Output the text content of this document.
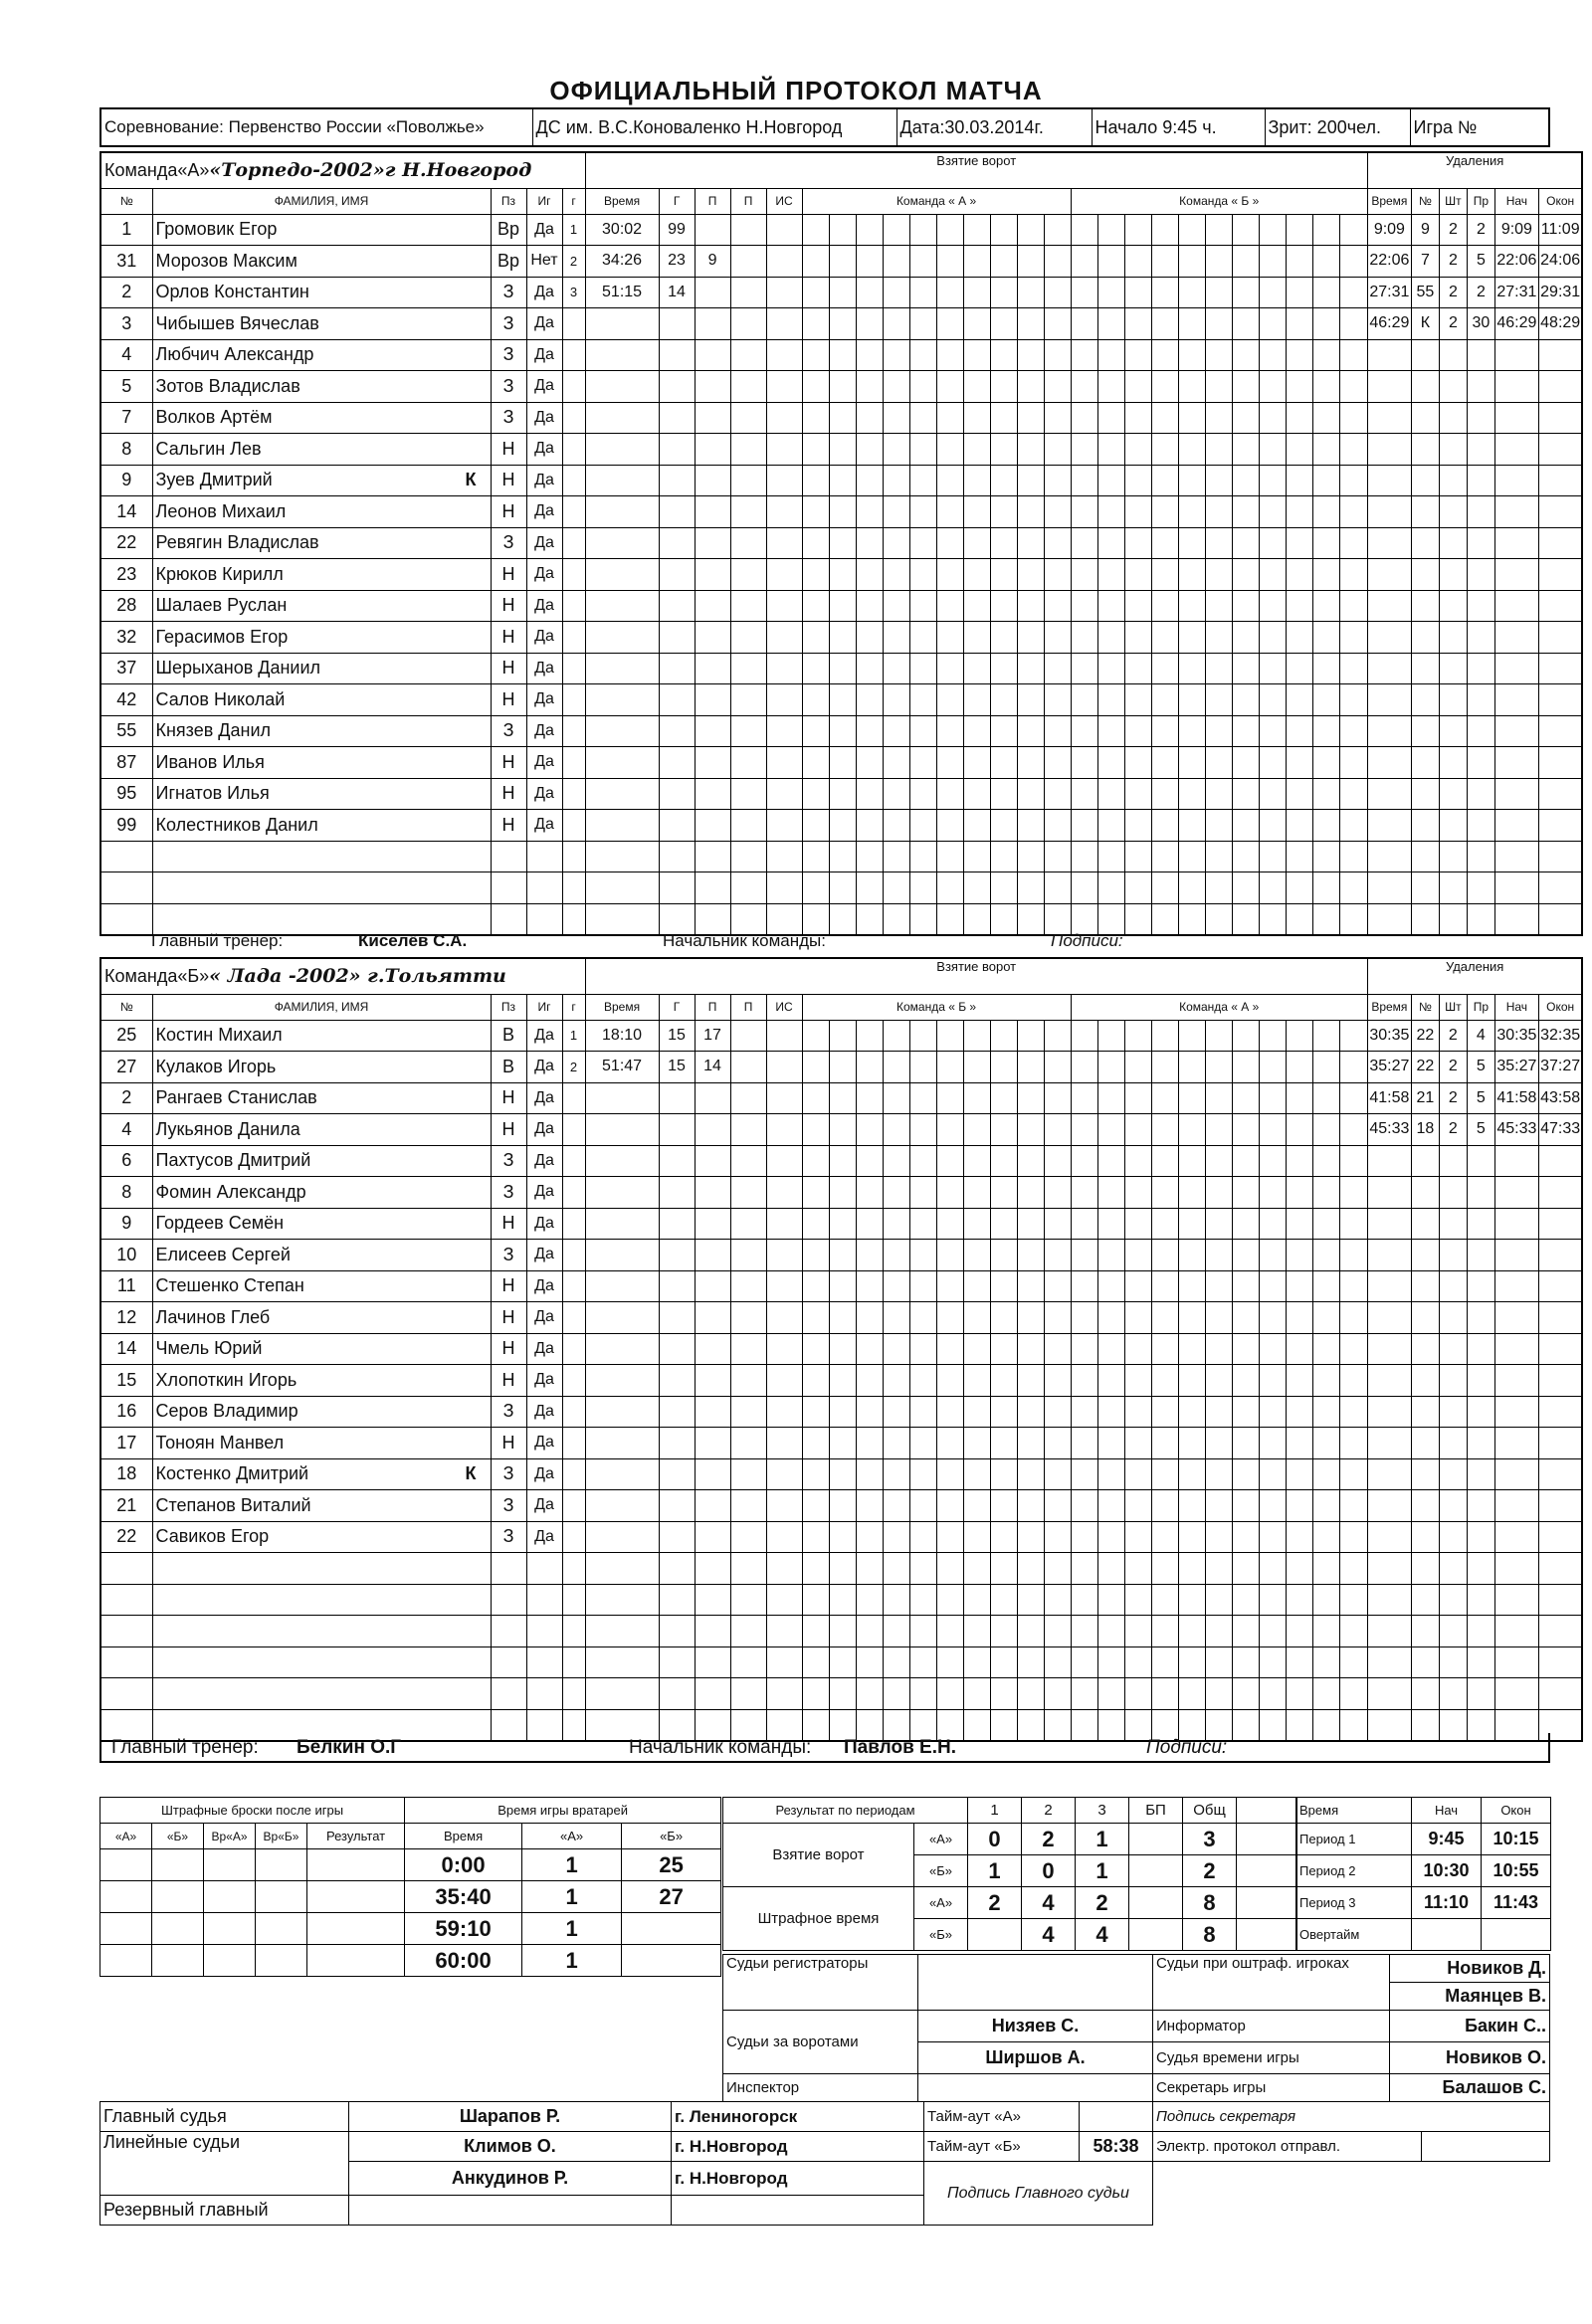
ОФИЦИАЛЬНЫЙ ПРОТОКОЛ МАТЧА
Соревнование: Первенство России «Поволжье»	ДС им. В.С.Коноваленко Н.Новгород	Дата:30.03.2014г.	Начало 9:45 ч.	Зрит: 200чел.	Игра №
Команда«А»«Торпедо-2002»г Н.Новгород					Взятие ворот																										Удаления					
№	ФАМИЛИЯ, ИМЯ	Пз	Иг	г	Время	Г	П	П	ИС	Команда « А »										Команда « Б »											Время	№	Шт	Пр	Нач	Окон
1	Громовик Егор	Вр	Да	1	30:02	99																									9:09	9	2	2	9:09	11:09
31	Морозов Максим	Вр	Нет	2	34:26	23	9																								22:06	7	2	5	22:06	24:06
2	Орлов Константин	З	Да	3	51:15	14																									27:31	55	2	2	27:31	29:31
3	Чибышев Вячеслав	З	Да																												46:29	К	2	30	46:29	48:29
4	Любчич Александр	З	Да																																	
5	Зотов Владислав	З	Да																																	
7	Волков Артём	З	Да																																	
8	Сальгин Лев	Н	Да																																	
9	Зуев Дмитрий К	Н	Да																																	
14	Леонов Михаил	Н	Да																																	
22	Ревягин Владислав	З	Да																																	
23	Крюков Кирилл	Н	Да																																	
28	Шалаев Руслан	Н	Да																																	
32	Герасимов Егор	Н	Да																																	
37	Шерыханов Даниил	Н	Да																																	
42	Салов Николай	Н	Да																																	
55	Князев Данил	З	Да																																	
87	Иванов Илья	Н	Да																																	
95	Игнатов Илья	Н	Да																																	
99	Колестников Данил	Н	Да																																	

Главный тренер:	Киселёв С.А.	Начальник команды:	Подписи:
Команда«Б»« Лада -2002» г.Тольятти					Взятие ворот																										Удаления					
№	ФАМИЛИЯ, ИМЯ	Пз	Иг	г	Время	Г	П	П	ИС	Команда « Б »										Команда « А »											Время	№	Шт	Пр	Нач	Окон
25	Костин Михаил	В	Да	1	18:10	15	17																								30:35	22	2	4	30:35	32:35
27	Кулаков Игорь	В	Да	2	51:47	15	14																								35:27	22	2	5	35:27	37:27
2	Рангаев Станислав	Н	Да																												41:58	21	2	5	41:58	43:58
4	Лукьянов Данила	Н	Да																												45:33	18	2	5	45:33	47:33
6	Пахтусов Дмитрий	З	Да																																	
8	Фомин Александр	З	Да																																	
9	Гордеев Семён	Н	Да																																	
10	Елисеев Сергей	З	Да																																	
11	Стешенко Степан	Н	Да																																	
12	Лачинов Глеб	Н	Да																																	
14	Чмель Юрий	Н	Да																																	
15	Хлопоткин Игорь	Н	Да																																	
16	Серов Владимир	З	Да																																	
17	Тоноян Манвел	Н	Да																																	
18	Костенко Дмитрий К	З	Да																																	
21	Степанов Виталий	З	Да																																	
22	Савиков Егор	З	Да																																	

Главный тренер: Белкин О.Г	Начальник команды: Павлов Е.Н.	Подписи:
Штрафные броски после игры					Время игры вратарей		
«А»	«Б»	Вр«А»	Вр«Б»	Результат	Время	«А»	«Б»
					0:00	1	25
					35:40	1	27
					59:10	1	
					60:00	1	
Результат по периодам		1	2	3	БП	Общ	
Взятие ворот	«А»	0	2	1		3	
	«Б»	1	0	1		2	
Штрафное время	«А»	2	4	2		8	
	«Б»		4	4		8	
Время	Нач	Окон
Период 1	9:45	10:15
Период 2	10:30	10:55
Период 3	11:10	11:43
Овертайм		
Судьи регистраторы		Судьи при оштраф. игроках	Новиков Д.
			Маянцев В.
Судьи за воротами	Низяев С.	Информатор	Бакин С..
	Ширшов А.	Судья времени игры	Новиков О.
Инспектор		Секретарь игры	Балашов С.
Главный судья	Шарапов Р.	г. Лениногорск	Тайм-аут «А»		Подпись секретаря	
Линейные судьи	Климов О.	г. Н.Новгород	Тайм-аут «Б»	58:38	Электр. протокол отправл.	
	Анкудинов Р.	г. Н.Новгород	Подпись Главного судьи			
Резервный главный						
